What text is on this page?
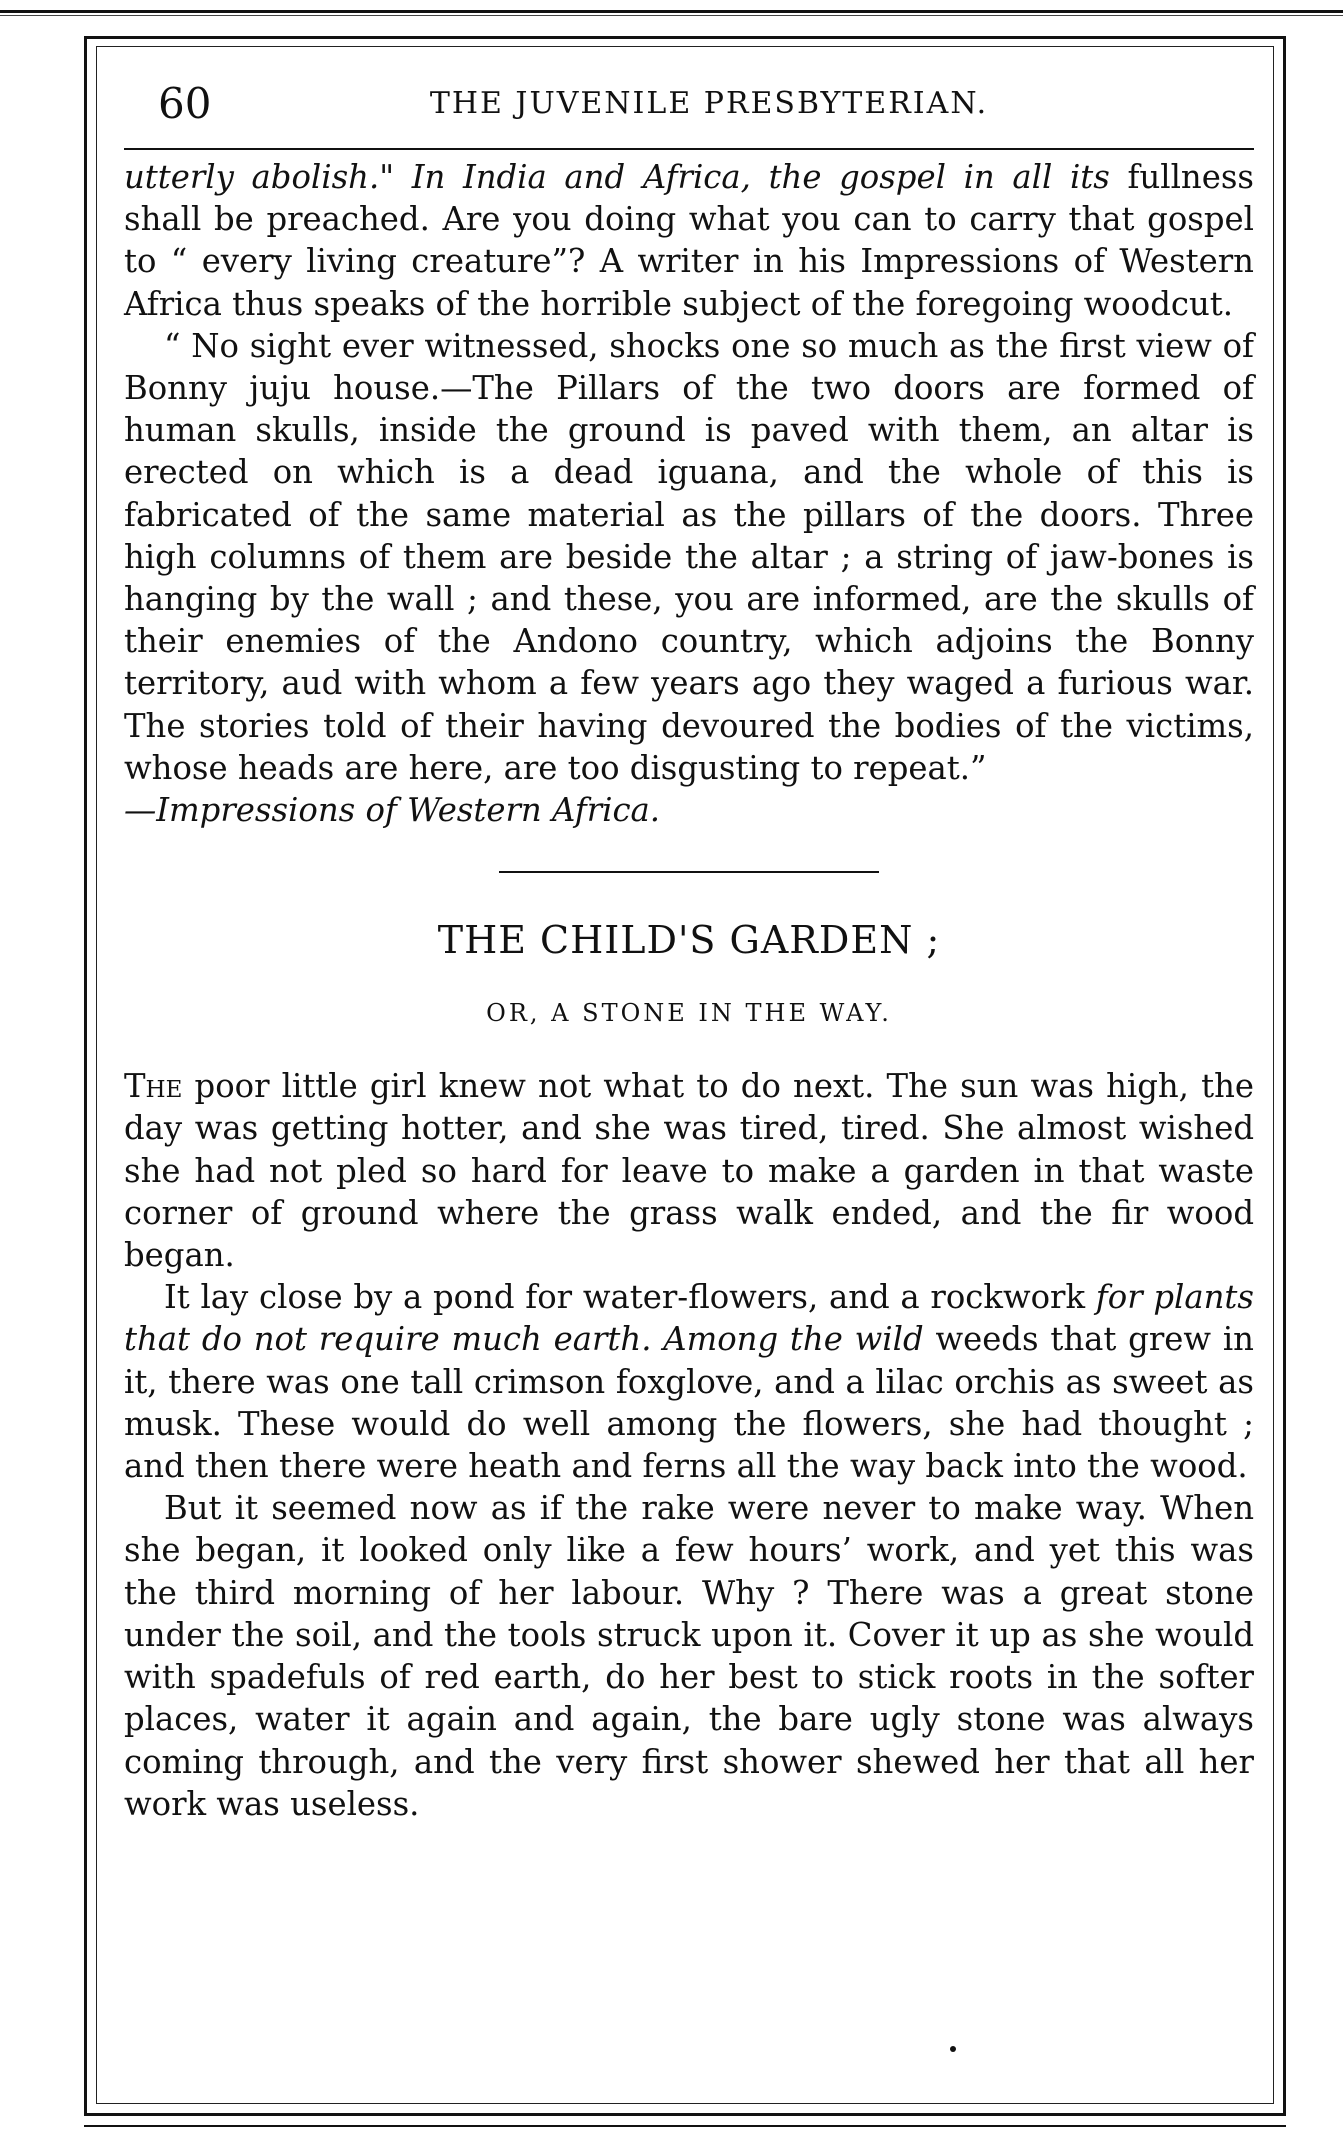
60	THE JUVENILE PRESBYTERIAN.

utterly abolish." In India and Africa, the gospel in all its fullness shall be preached. Are you doing what you can to carry that gospel to “ every living creature”? A writer in his Impressions of Western Africa thus speaks of the horrible subject of the foregoing woodcut.

“ No sight ever witnessed, shocks one so much as the first view of Bonny juju house.—The Pillars of the two doors are formed of human skulls, inside the ground is paved with them, an altar is erected on which is a dead iguana, and the whole of this is fabricated of the same material as the pillars of the doors. Three high columns of them are beside the altar ; a string of jaw-bones is hanging by the wall ; and these, you are informed, are the skulls of their enemies of the Andono country, which adjoins the Bonny territory, aud with whom a few years ago they waged a furious war. The stories told of their having devoured the bodies of the victims, whose heads are here, are too disgusting to repeat.”

—Impressions of Western Africa.

THE CHILD'S GARDEN ;
OR, A STONE IN THE WAY.

The poor little girl knew not what to do next. The sun was high, the day was getting hotter, and she was tired, tired. She almost wished she had not pled so hard for leave to make a garden in that waste corner of ground where the grass walk ended, and the fir wood began.

It lay close by a pond for water-flowers, and a rockwork for plants that do not require much earth. Among the wild weeds that grew in it, there was one tall crimson foxglove, and a lilac orchis as sweet as musk. These would do well among the flowers, she had thought ; and then there were heath and ferns all the way back into the wood.

But it seemed now as if the rake were never to make way. When she began, it looked only like a few hours’ work, and yet this was the third morning of her labour. Why ? There was a great stone under the soil, and the tools struck upon it. Cover it up as she would with spadefuls of red earth, do her best to stick roots in the softer places, water it again and again, the bare ugly stone was always coming through, and the very first shower shewed her that all her work was useless.
